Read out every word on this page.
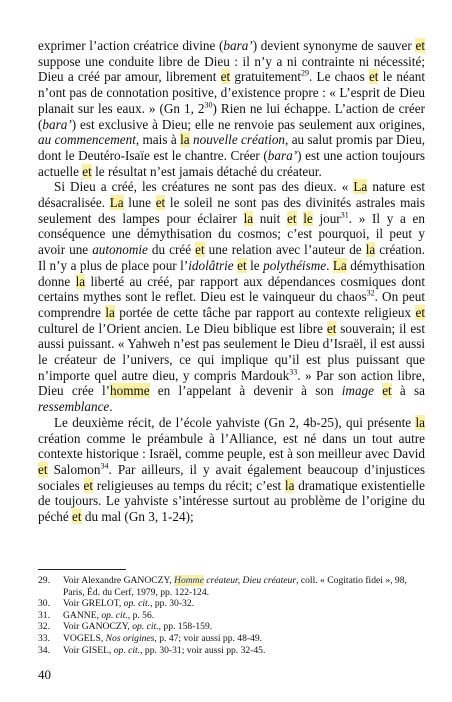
exprimer l’action créatrice divine (bara’) devient synonyme de sauver et suppose une conduite libre de Dieu : il n’y a ni contrainte ni nécessité; Dieu a créé par amour, librement et gratuitement$^{29}$. Le chaos et le néant n’ont pas de connotation positive, d’existence propre : « L’esprit de Dieu planait sur les eaux. » (Gn 1, $2^{30}$) Rien ne lui échappe. L’action de créer (bara’) est exclusive à Dieu; elle ne renvoie pas seulement aux origines, au commencement, mais à la nouvelle création, au salut promis par Dieu, dont le Deutéro-Isaïe est le chantre. Créer (bara’) est une action toujours actuelle et le résultat n’est jamais détaché du créateur.

Si Dieu a créé, les créatures ne sont pas des dieux. « La nature est désacralisée. La lune et le soleil ne sont pas des divinités astrales mais seulement des lampes pour éclairer la nuit et le jour$^{31}$. » Il y a en conséquence une démythisation du cosmos; c’est pourquoi, il peut y avoir une autonomie du créé et une relation avec l’auteur de la création. Il n’y a plus de place pour l’idolâtrie et le polythéisme. La démythisation donne la liberté au créé, par rapport aux dépendances cosmiques dont certains mythes sont le reflet. Dieu est le vainqueur du chaos$^{32}$. On peut comprendre la portée de cette tâche par rapport au contexte religieux et culturel de l’Orient ancien. Le Dieu biblique est libre et souverain; il est aussi puissant. « Yahweh n’est pas seulement le Dieu d’Israël, il est aussi le créateur de l’univers, ce qui implique qu’il est plus puissant que n’importe quel autre dieu, y compris Mardouk$^{33}$. » Par son action libre, Dieu crée l’homme en l’appelant à devenir à son image et à sa ressemblance.

Le deuxième récit, de l’école yahviste (Gn 2, 4b-25), qui présente la création comme le préambule à l’Alliance, est né dans un tout autre contexte historique : Israël, comme peuple, est à son meilleur avec David et Salomon$^{34}$. Par ailleurs, il y avait également beaucoup d’injustices sociales et religieuses au temps du récit; c’est la dramatique existentielle de toujours. Le yahviste s’intéresse surtout au problème de l’origine du péché et du mal (Gn 3, 1-24);

29.	Voir Alexandre GANOCZY, Homme créateur, Dieu créateur, coll. « Cogitatio fidei », 98, Paris, Éd. du Cerf, 1979, pp. 122-124.
30.	Voir GRELOT, op. cit., pp. 30-32.
31.	GANNE, op. cit., p. 56.
32.	Voir GANOCZY, op. cit., pp. 158-159.
33.	VOGELS, Nos origines, p. 47; voir aussi pp. 48-49.
34.	Voir GISEL, op. cit., pp. 30-31; voir aussi pp. 32-45.
40
